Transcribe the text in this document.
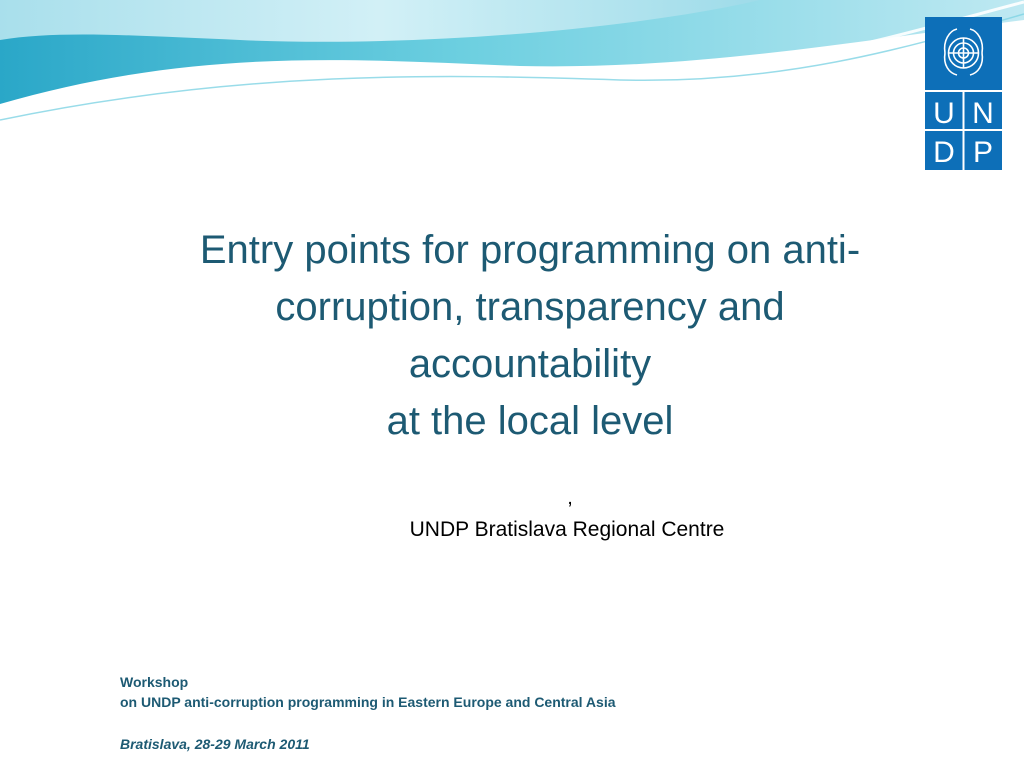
U N
D P
Entry points for programming on anti-
corruption, transparency and
accountability
at the local level
,
UNDP Bratislava Regional Centre
Workshop
on UNDP anti-corruption programming in Eastern Europe and Central Asia
Bratislava, 28-29 March 2011
